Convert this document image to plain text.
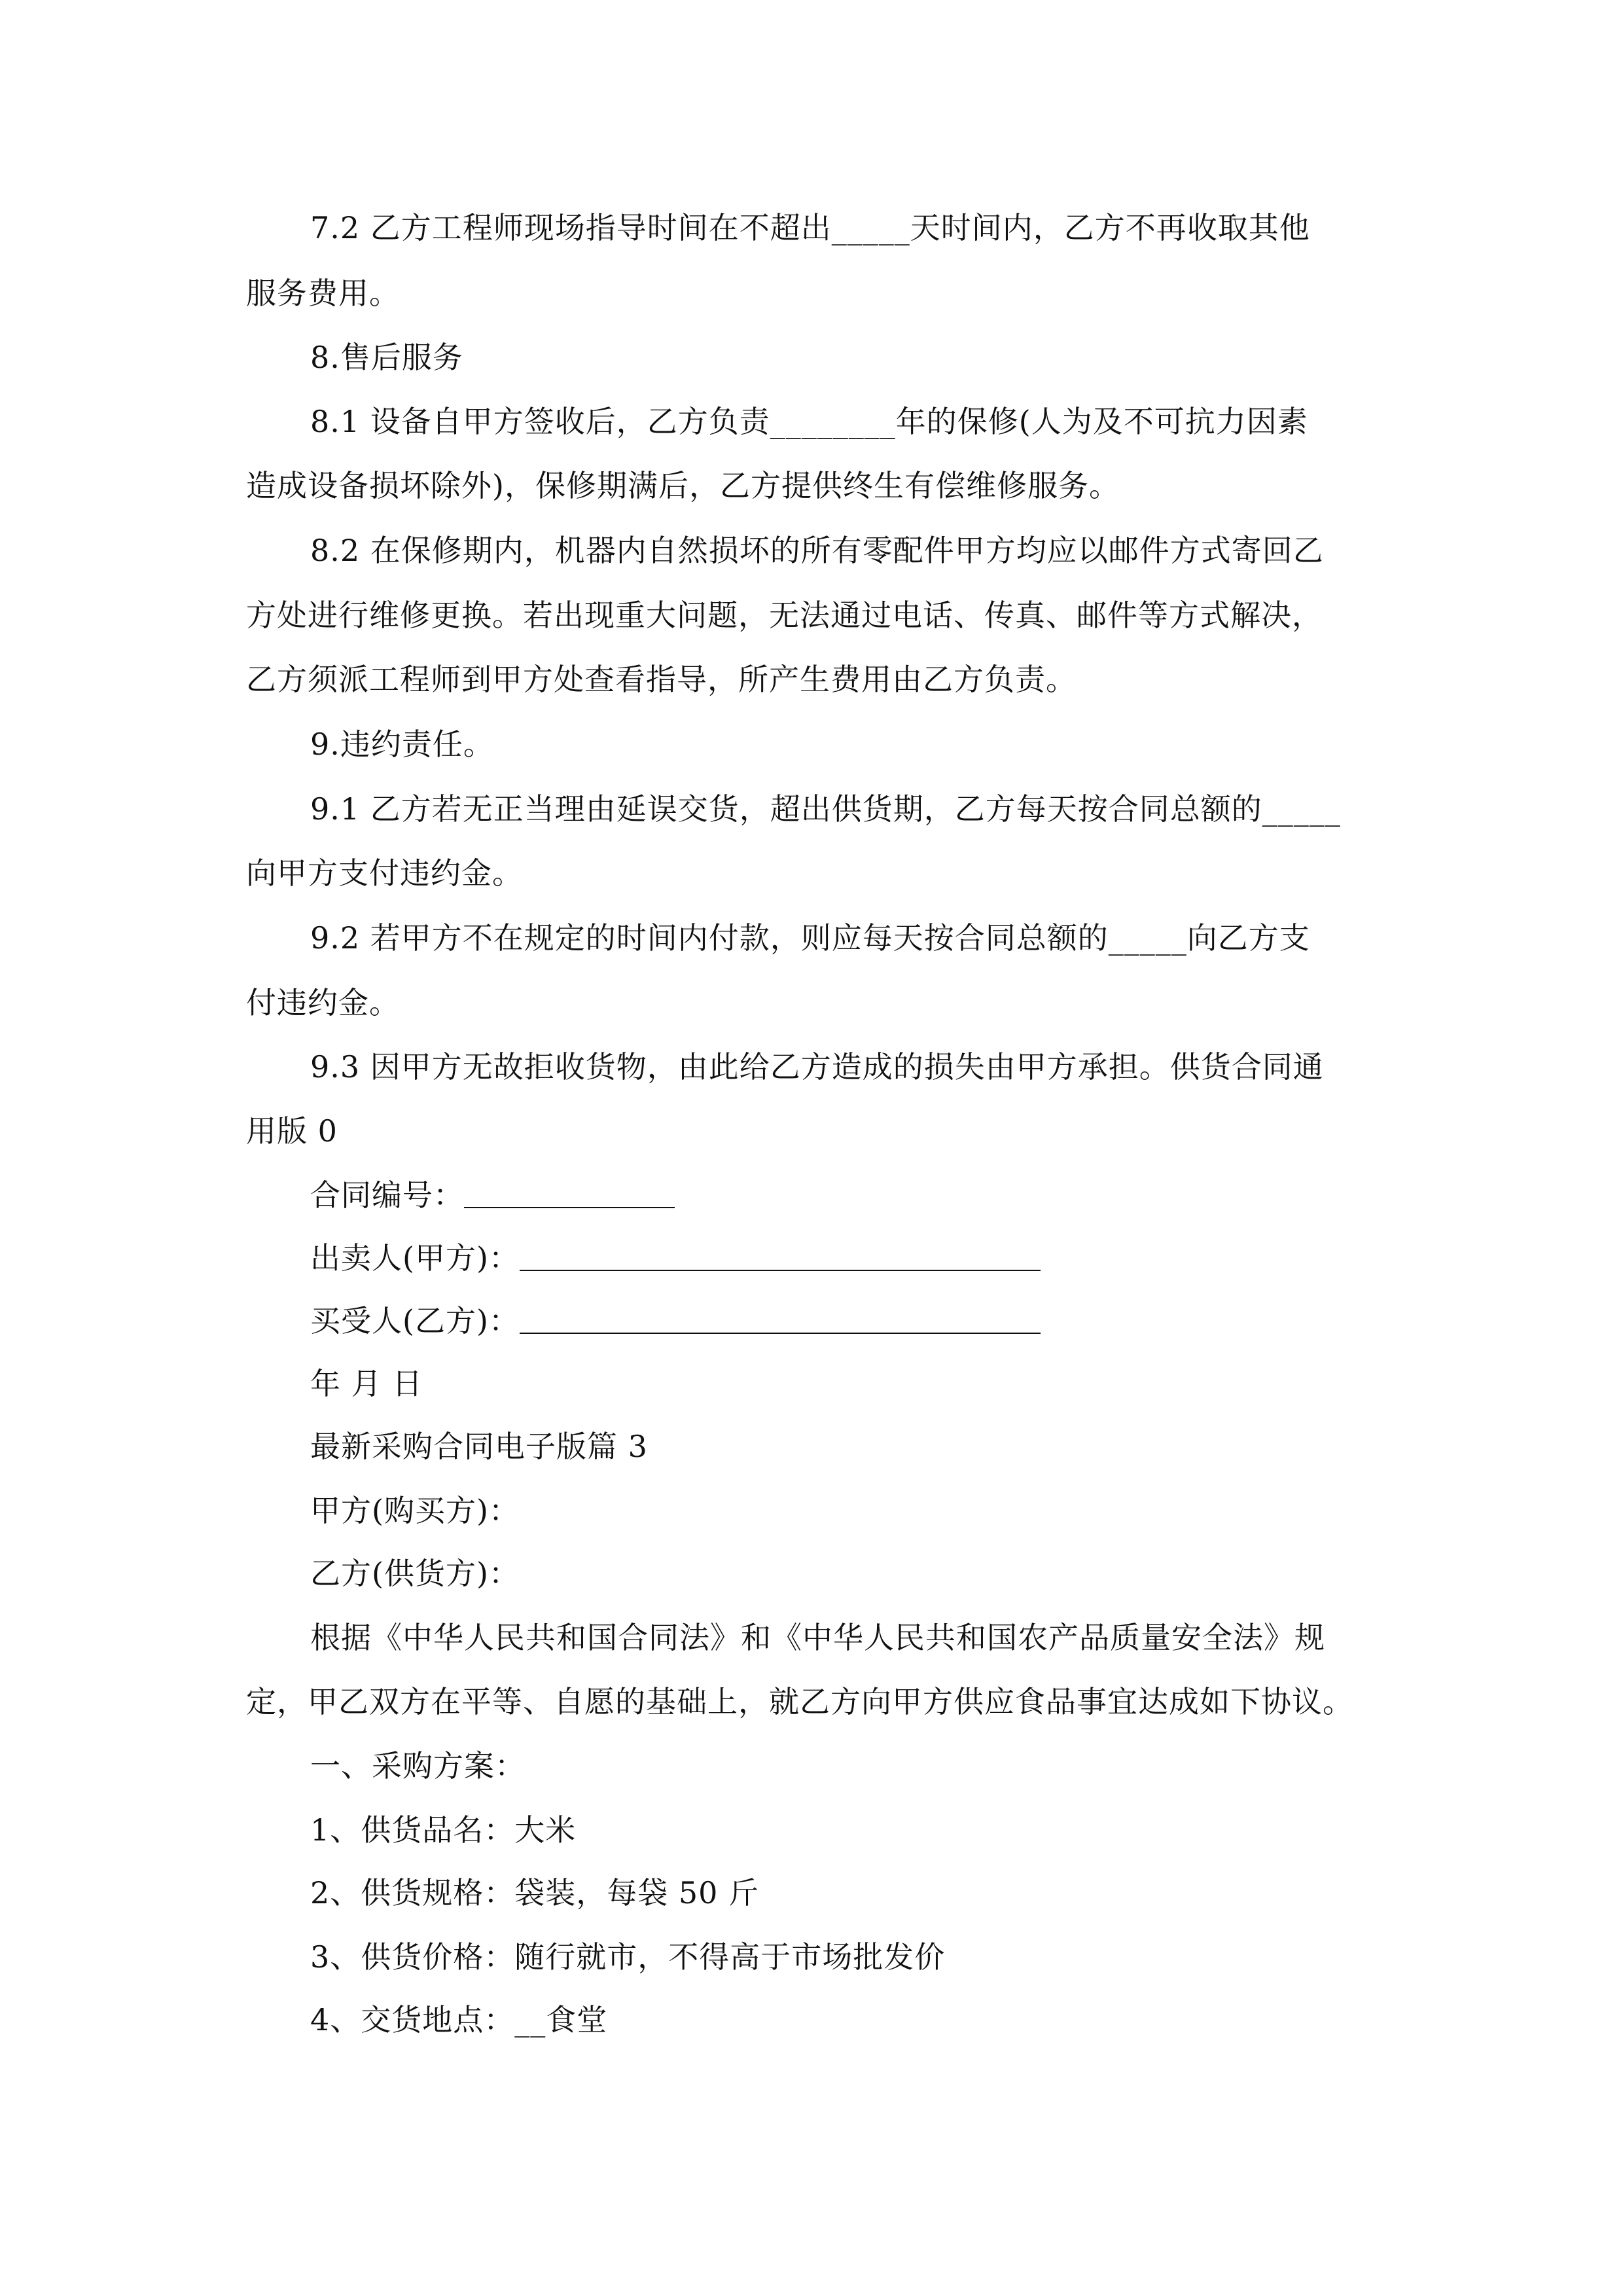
7.2 乙方工程师现场指导时间在不超出_____天时间内，乙方不再收取其他
服务费用。
8.售后服务
8.1 设备自甲方签收后，乙方负责________年的保修(人为及不可抗力因素
造成设备损坏除外)，保修期满后，乙方提供终生有偿维修服务。
8.2 在保修期内，机器内自然损坏的所有零配件甲方均应以邮件方式寄回乙
方处进行维修更换。若出现重大问题，无法通过电话、传真、邮件等方式解决，
乙方须派工程师到甲方处查看指导，所产生费用由乙方负责。
9.违约责任。
9.1 乙方若无正当理由延误交货，超出供货期，乙方每天按合同总额的_____
向甲方支付违约金。
9.2 若甲方不在规定的时间内付款，则应每天按合同总额的_____向乙方支
付违约金。
9.3 因甲方无故拒收货物，由此给乙方造成的损失由甲方承担。供货合同通
用版 0
合同编号：
出卖人(甲方)：
买受人(乙方)：
年 月 日
最新采购合同电子版篇 3
甲方(购买方)：
乙方(供货方)：
根据《中华人民共和国合同法》和《中华人民共和国农产品质量安全法》规
定，甲乙双方在平等、自愿的基础上，就乙方向甲方供应食品事宜达成如下协议。
一、采购方案：
1、供货品名：大米
2、供货规格：袋装，每袋 50 斤
3、供货价格：随行就市，不得高于市场批发价
4、交货地点：__食堂
